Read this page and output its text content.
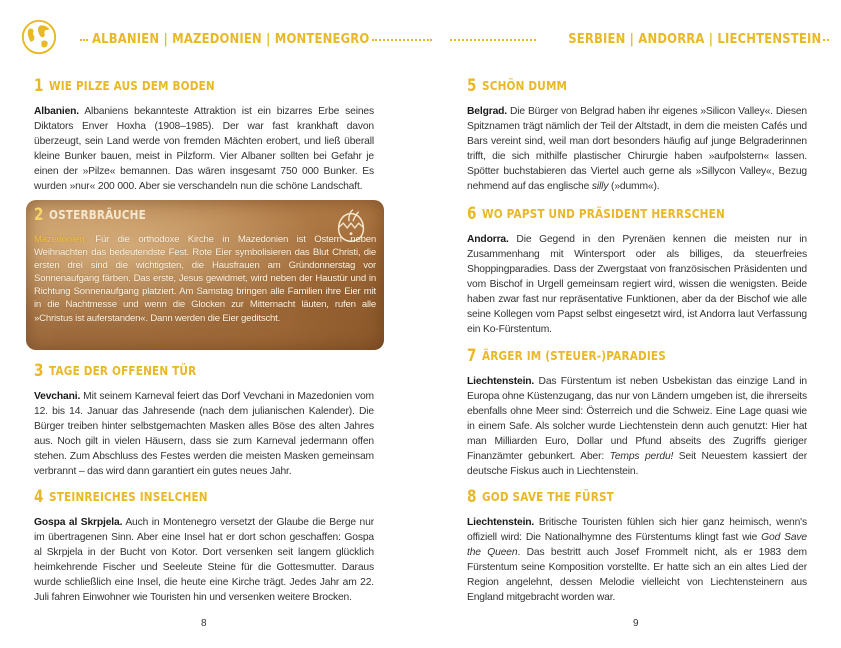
ALBANIEN | MAZEDONIEN | MONTENEGRO	SERBIEN | ANDORRA | LIECHTENSTEIN
1 WIE PILZE AUS DEM BODEN

Albanien. Albaniens bekannteste Attraktion ist ein bizarres Erbe seines Diktators Enver Hoxha (1908–1985). Der war fast krankhaft davon überzeugt, sein Land werde von fremden Mächten erobert, und ließ überall kleine Bunker bauen, meist in Pilzform. Vier Albaner sollten bei Gefahr je einen der »Pilze« bemannen. Das wären insgesamt 750 000 Bunker. Es wurden »nur« 200 000. Aber sie verschandeln nun die schöne Landschaft.

3 TAGE DER OFFENEN TÜR

Vevchani. Mit seinem Karneval feiert das Dorf Vevchani in Mazedonien vom 12. bis 14. Januar das Jahresende (nach dem julianischen Kalender). Die Bürger treiben hinter selbstgemachten Masken alles Böse des alten Jahres aus. Noch gilt in vielen Häusern, dass sie zum Karneval jedermann offen stehen. Zum Abschluss des Festes werden die meisten Masken gemeinsam verbrannt – das wird dann garantiert ein gutes neues Jahr.

4 STEINREICHES INSELCHEN

Gospa al Skrpjela. Auch in Montenegro versetzt der Glaube die Berge nur im übertragenen Sinn. Aber eine Insel hat er dort schon geschaffen: Gospa al Skrpjela in der Bucht von Kotor. Dort versenken seit langem glücklich heimkehrende Fischer und Seeleute Steine für die Gottesmutter. Daraus wurde schließlich eine Insel, die heute eine Kirche trägt. Jedes Jahr am 22. Juli fahren Einwohner wie Touristen hin und versenken weitere Brocken.

2 OSTERBRÄUCHE

Mazedonien. Für die orthodoxe Kirche in Mazedonien ist Ostern neben Weihnachten das bedeutendste Fest. Rote Eier symbolisieren das Blut Christi, die ersten drei sind die wichtigsten, die Hausfrauen am Gründonnerstag vor Sonnenaufgang färben. Das erste, Jesus gewidmet, wird neben der Haustür und in Richtung Sonnenaufgang platziert. Am Samstag bringen alle Familien ihre Eier mit in die Nachtmesse und wenn die Glocken zur Mitternacht läuten, rufen alle »Christus ist auferstanden«. Dann werden die Eier geditscht.

8
5 SCHÖN DUMM

Belgrad. Die Bürger von Belgrad haben ihr eigenes »Silicon Valley«. Diesen Spitznamen trägt nämlich der Teil der Altstadt, in dem die meisten Cafés und Bars vereint sind, weil man dort besonders häufig auf junge Belgraderinnen trifft, die sich mithilfe plastischer Chirurgie haben »aufpolstern« lassen. Spötter buchstabieren das Viertel auch gerne als »Sillycon Valley«, Bezug nehmend auf das englische silly (»dumm«).

6 WO PAPST UND PRÄSIDENT HERRSCHEN

Andorra. Die Gegend in den Pyrenäen kennen die meisten nur in Zusammenhang mit Wintersport oder als billiges, da steuerfreies Shoppingparadies. Dass der Zwergstaat von französischen Präsidenten und vom Bischof in Urgell gemeinsam regiert wird, wissen die wenigsten. Beide haben zwar fast nur repräsentative Funktionen, aber da der Bischof wie alle seine Kollegen vom Papst selbst eingesetzt wird, ist Andorra laut Verfassung ein Ko-Fürstentum.

7 ÄRGER IM (STEUER-)PARADIES

Liechtenstein. Das Fürstentum ist neben Usbekistan das einzige Land in Europa ohne Küstenzugang, das nur von Ländern umgeben ist, die ihrerseits ebenfalls ohne Meer sind: Österreich und die Schweiz. Eine Lage quasi wie in einem Safe. Als solcher wurde Liechtenstein denn auch genutzt: Hier hat man Milliarden Euro, Dollar und Pfund abseits des Zugriffs gieriger Finanzämter gebunkert. Aber: Temps perdu! Seit Neuestem kassiert der deutsche Fiskus auch in Liechtenstein.

8 GOD SAVE THE FÜRST

Liechtenstein. Britische Touristen fühlen sich hier ganz heimisch, wenn's offiziell wird: Die Nationalhymne des Fürstentums klingt fast wie God Save the Queen. Das bestritt auch Josef Frommelt nicht, als er 1983 dem Fürstentum seine Komposition vorstellte. Er hatte sich an ein altes Lied der Region angelehnt, dessen Melodie vielleicht von Liechtensteinern aus England mitgebracht worden war.

9
